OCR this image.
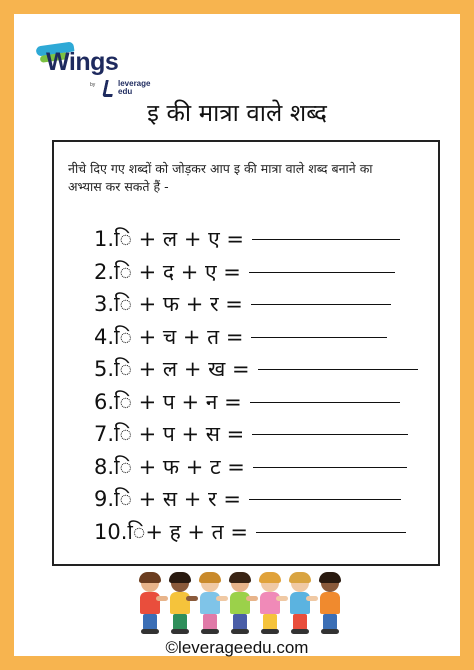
Wings
by	leverage edu
इ की मात्रा वाले शब्द
नीचे दिए गए शब्दों को जोड़कर आप इ की मात्रा वाले शब्द बनाने का अभ्यास कर सकते हैं -
1.ि + ल + ए =
2.ि + द + ए =
3.ि + फ + र =
4.ि + च + त =
5.ि + ल + ख =
6.ि + प + न =
7.ि + प + स =
8.ि + फ + ट =
9.ि + स + र =
10.ि+ ह + त =
©leverageedu.com
